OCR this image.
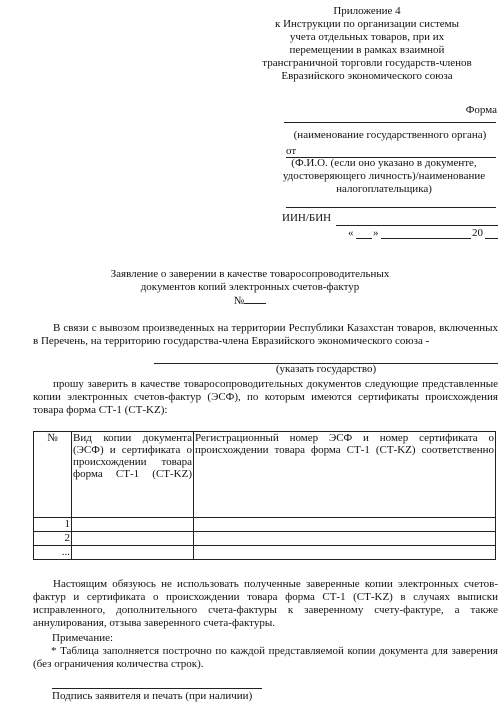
Приложение 4
к Инструкции по организации системы
учета отдельных товаров, при их
перемещении в рамках взаимной
трансграничной торговли государств-членов
Евразийского экономического союза
Форма
(наименование государственного органа)
от
(Ф.И.О. (если оно указано в документе,
удостоверяющего личность)/наименование
налогоплательщика)
ИИН/БИН
« »	20
Заявление о заверении в качестве товаросопроводительных
документов копий электронных счетов-фактур
№
В связи с вывозом произведенных на территории Республики Казахстан товаров, включенных в Перечень, на территорию государства-члена Евразийского экономического союза -
(указать государство)
прошу заверить в качестве товаросопроводительных документов следующие представленные копии электронных счетов-фактур (ЭСФ), по которым имеются сертификаты происхождения товара форма СТ-1 (СТ-KZ):
№	Вид копии документа (ЭСФ) и сертификата о происхождении товара форма СТ-1 (СТ-KZ)	Регистрационный номер ЭСФ и номер сертификата о происхождении товара форма СТ-1 (СТ-KZ) соответственно
1		
2		
...		
Настоящим обязуюсь не использовать полученные заверенные копии электронных счетов-фактур и сертификата о происхождении товара форма СТ-1 (СТ-KZ) в случаях выписки исправленного, дополнительного счета-фактуры к заверенному счету-фактуре, а также аннулирования, отзыва заверенного счета-фактуры.
Примечание:
* Таблица заполняется построчно по каждой представляемой копии документа для заверения (без ограничения количества строк).
Подпись заявителя и печать (при наличии)
